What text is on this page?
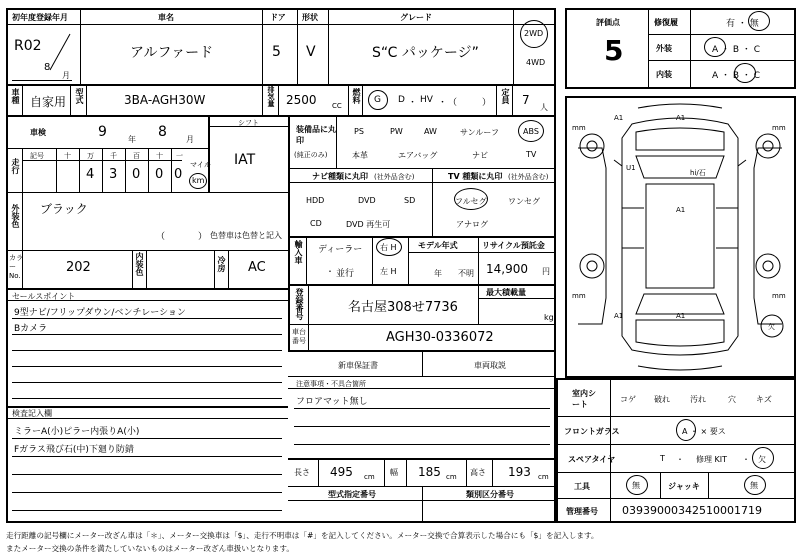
初年度登録年月	車名	ドア 形状	グレード
R02
8
月
アルファード	5 V	S“C パッケージ”
2WD
4WD
車種 自家用 型式	3BA-AGH30W	排気量 2500 CC
燃料 G D ・ HV ・ （	） 定員 7
人
車検	9	年 8 月
シフト
IAT
走行
記号	十 万 千 百 十 一
4 3 0 0 0
マイル
km
外装色 ブラック
（	） 色替車は色替と記入
カラーNo.
202	内装色	冷房 AC
セールスポイント
9型ナビ/フリップダウン/ベンチレーション
Bカメラ
検査記入欄
ミラーA(小)ピラー内張りA(小)
Fガラス飛び石(中)下廻り防錆
装備品に丸印
(純正のみ)
PS	PW	AW	サンルーフ	ABS
本革	エアバッグ	ナビ	TV
ナビ種類に丸印 (社外品含む)
HDD	DVD	SD
CD	DVD 再生可
TV 種類に丸印 (社外品含む)
フルセグ	ワンセグ
アナログ
輸入車 ディーラー
・ 並行
右 H
左 H
モデル年式
年 不明
リサイクル預託金
14,900 円
登録番号	名古屋308せ7736
最大積載量
kg
車台番号	AGH30-0336072
新車保証書	車両取説
注意事項・不具合箇所
フロアマット無し
長さ 495 cm 幅 185 cm 高さ 193 cm
型式指定番号	類別区分番号
評価点
5
修復履	有 ・ 無
外装	A ・ B ・ C
内装	A ・ B ・ C
A1	A1
U1
hi/石
A1
A1	A1
mm	mm
mm	mm
欠
室内シート
コゲ 破れ	汚れ	穴	キズ
フロントガラス	A ・ × 要ス
スペアタイヤ	T ・ 修理 KIT ・ 欠
工具	無	ジャッキ	無
管理番号 03939000342510001719
走行距離の記号欄にメーター改ざん車は「＊」、メーター交換車は「$」、走行不明車は「#」を記入してください。メーター交換で合算表示した場合にも「$」を記入します。
またメーター交換の条件を満たしていないものはメーター改ざん車扱いとなります。
